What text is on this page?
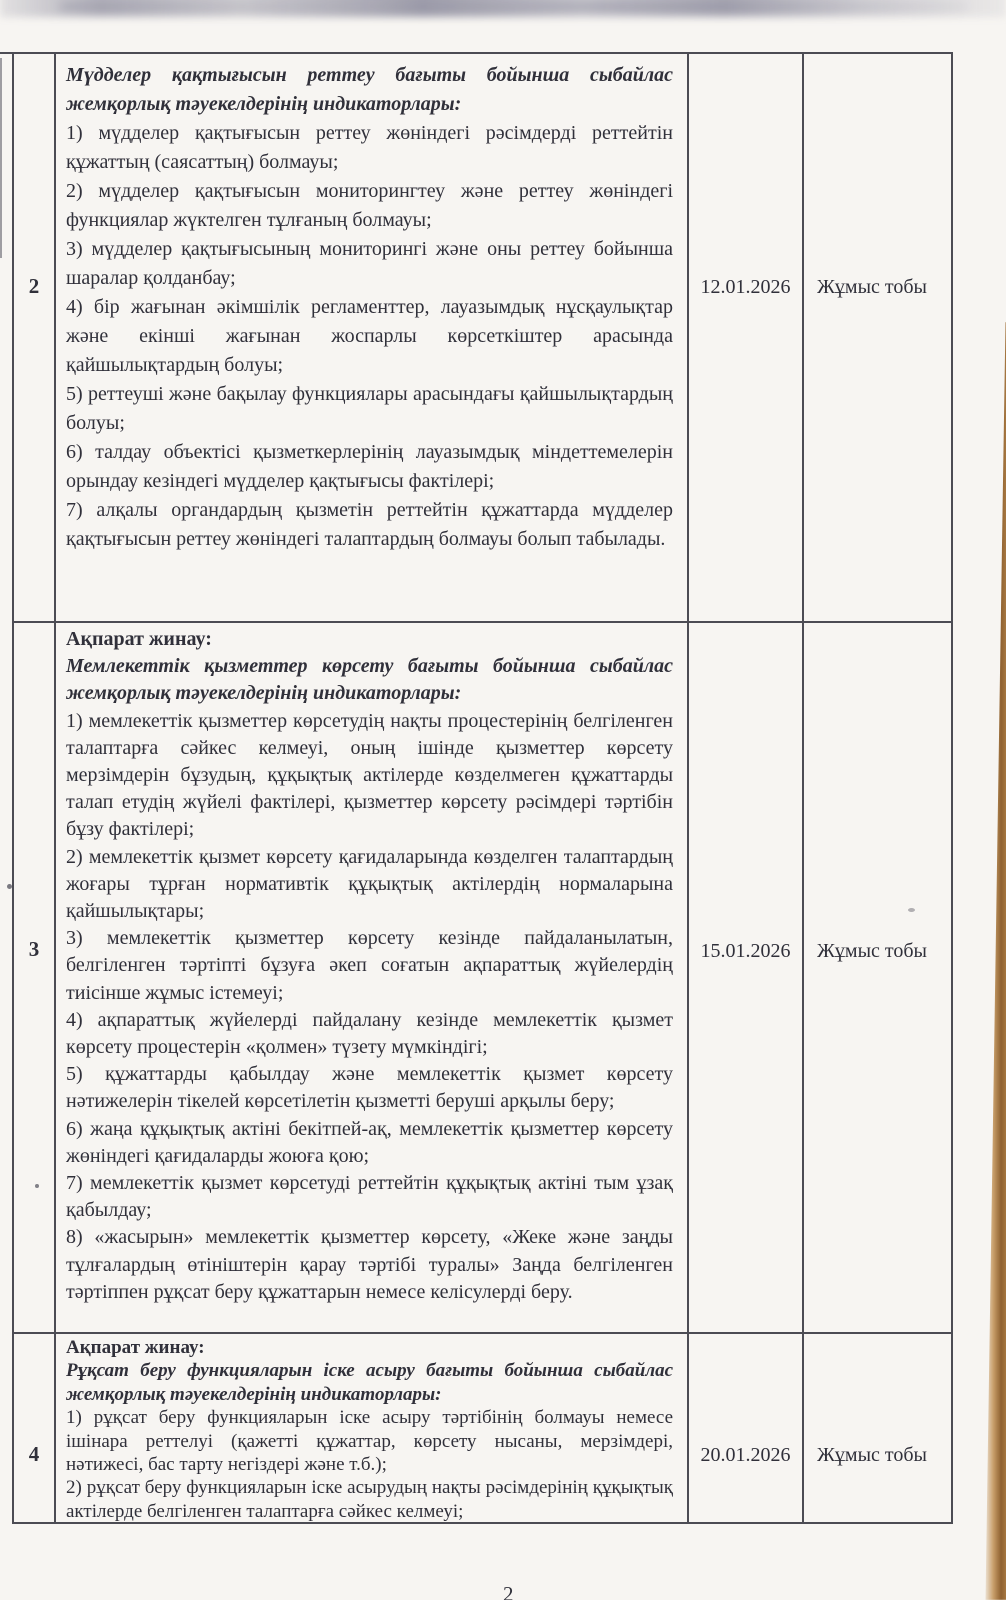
2

Мүдделер қақтығысын реттеу бағыты бойынша сыбайлас жемқорлық тәуекелдерінің индикаторлары:

1) мүдделер қақтығысын реттеу жөніндегі рәсімдерді реттейтін құжаттың (саясаттың) болмауы;

2) мүдделер қақтығысын мониторингтеу және реттеу жөніндегі функциялар жүктелген тұлғаның болмауы;

3) мүдделер қақтығысының мониторингі және оны реттеу бойынша шаралар қолданбау;

4) бір жағынан әкімшілік регламенттер, лауазымдық нұсқаулықтар және екінші жағынан жоспарлы көрсеткіштер арасында қайшылықтардың болуы;

5) реттеуші және бақылау функциялары арасындағы қайшылықтардың болуы;

6) талдау объектісі қызметкерлерінің лауазымдық міндеттемелерін орындау кезіндегі мүдделер қақтығысы фактілері;

7) алқалы органдардың қызметін реттейтін құжаттарда мүдделер қақтығысын реттеу жөніндегі талаптардың болмауы болып табылады.

12.01.2026	Жұмыс тобы
3

Ақпарат жинау:

Мемлекеттік қызметтер көрсету бағыты бойынша сыбайлас жемқорлық тәуекелдерінің индикаторлары:

1) мемлекеттік қызметтер көрсетудің нақты процестерінің белгіленген талаптарға сәйкес келмеуі, оның ішінде қызметтер көрсету мерзімдерін бұзудың, құқықтық актілерде көзделмеген құжаттарды талап етудің жүйелі фактілері, қызметтер көрсету рәсімдері тәртібін бұзу фактілері;

2) мемлекеттік қызмет көрсету қағидаларында көзделген талаптардың жоғары тұрған нормативтік құқықтық актілердің нормаларына қайшылықтары;

3) мемлекеттік қызметтер көрсету кезінде пайдаланылатын, белгіленген тәртіпті бұзуға әкеп соғатын ақпараттық жүйелердің тиісінше жұмыс істемеуі;

4) ақпараттық жүйелерді пайдалану кезінде мемлекеттік қызмет көрсету процестерін «қолмен» түзету мүмкіндігі;

5) құжаттарды қабылдау және мемлекеттік қызмет көрсету нәтижелерін тікелей көрсетілетін қызметті беруші арқылы беру;

6) жаңа құқықтық актіні бекітпей-ақ, мемлекеттік қызметтер көрсету жөніндегі қағидаларды жоюға қою;

7) мемлекеттік қызмет көрсетуді реттейтін құқықтық актіні тым ұзақ қабылдау;

8) «жасырын» мемлекеттік қызметтер көрсету, «Жеке және заңды тұлғалардың өтініштерін қарау тәртібі туралы» Заңда белгіленген тәртіппен рұқсат беру құжаттарын немесе келісулерді беру.

15.01.2026	Жұмыс тобы
4

Ақпарат жинау:

Рұқсат беру функцияларын іске асыру бағыты бойынша сыбайлас жемқорлық тәуекелдерінің индикаторлары:

1) рұқсат беру функцияларын іске асыру тәртібінің болмауы немесе ішінара реттелуі (қажетті құжаттар, көрсету нысаны, мерзімдері, нәтижесі, бас тарту негіздері және т.б.);

2) рұқсат беру функцияларын іске асырудың нақты рәсімдерінің құқықтық актілерде белгіленген талаптарға сәйкес келмеуі;

20.01.2026	Жұмыс тобы
2
